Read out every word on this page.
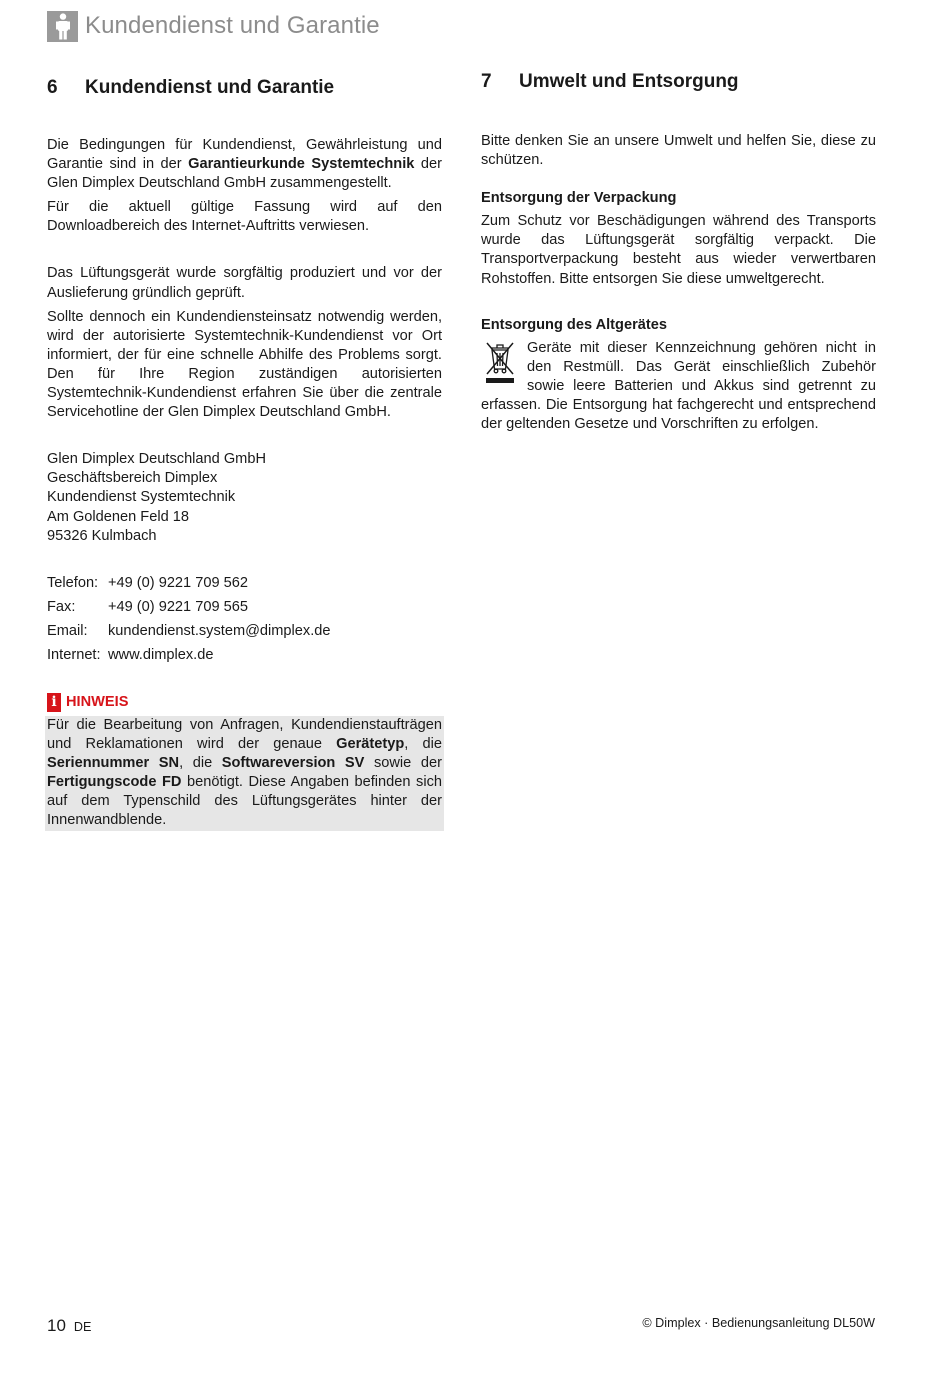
Kundendienst und Garantie
6	Kundendienst und Garantie

Die Bedingungen für Kundendienst, Gewährleistung und Garantie sind in der Garantieurkunde Systemtechnik der Glen Dimplex Deutschland GmbH zusammengestellt.

Für die aktuell gültige Fassung wird auf den Downloadbereich des Internet-Auftritts verwiesen.

Das Lüftungsgerät wurde sorgfältig produziert und vor der Auslieferung gründlich geprüft.

Sollte dennoch ein Kundendiensteinsatz notwendig werden, wird der autorisierte Systemtechnik-Kundendienst vor Ort informiert, der für eine schnelle Abhilfe des Problems sorgt. Den für Ihre Region zuständigen autorisierten Systemtechnik-Kundendienst erfahren Sie über die zentrale Servicehotline der Glen Dimplex Deutschland GmbH.

Glen Dimplex Deutschland GmbH
Geschäftsbereich Dimplex
Kundendienst Systemtechnik
Am Goldenen Feld 18
95326 Kulmbach
Telefon: +49 (0) 9221 709 562
Fax:	+49 (0) 9221 709 565
Email:	kundendienst.system@dimplex.de
Internet: www.dimplex.de
i HINWEIS

Für die Bearbeitung von Anfragen, Kundendienstaufträgen und Reklamationen wird der genaue Gerätetyp, die Seriennummer SN, die Softwareversion SV sowie der Fertigungscode FD benötigt. Diese Angaben befinden sich auf dem Typenschild des Lüftungsgerätes hinter der Innenwandblende.

7	Umwelt und Entsorgung

Bitte denken Sie an unsere Umwelt und helfen Sie, diese zu schützen.

Entsorgung der Verpackung

Zum Schutz vor Beschädigungen während des Transports wurde das Lüftungsgerät sorgfältig verpackt. Die Transportverpackung besteht aus wieder verwertbaren Rohstoffen. Bitte entsorgen Sie diese umweltgerecht.

Entsorgung des Altgerätes

Geräte mit dieser Kennzeichnung gehören nicht in den Restmüll. Das Gerät einschließlich Zubehör sowie leere Batterien und Akkus sind getrennt zu erfassen. Die Entsorgung hat fachgerecht und entsprechend der geltenden Gesetze und Vorschriften zu erfolgen.

10 DE	© Dimplex · Bedienungsanleitung DL50W
